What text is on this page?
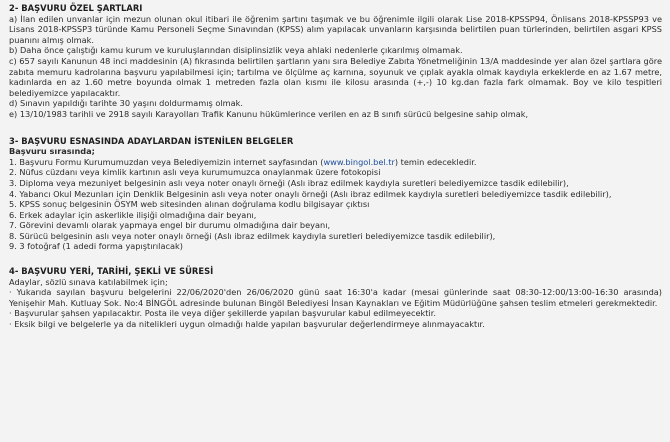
2- BAŞVURU ÖZEL ŞARTLARI

a) İlan edilen unvanlar için mezun olunan okul itibari ile öğrenim şartını taşımak ve bu öğrenimle ilgili olarak Lise 2018-KPSSP94, Önlisans 2018-KPSSP93 ve Lisans 2018-KPSSP3 türünde Kamu Personeli Seçme Sınavından (KPSS) alım yapılacak unvanların karşısında belirtilen puan türlerinden, belirtilen asgari KPSS puanını almış olmak.

b) Daha önce çalıştığı kamu kurum ve kuruluşlarından disiplinsizlik veya ahlaki nedenlerle çıkarılmış olmamak.

c) 657 sayılı Kanunun 48 inci maddesinin (A) fıkrasında belirtilen şartların yanı sıra Belediye Zabıta Yönetmeliğinin 13/A maddesinde yer alan özel şartlara göre zabıta memuru kadrolarına başvuru yapılabilmesi için; tartılma ve ölçülme aç karnına, soyunuk ve çıplak ayakla olmak kaydıyla erkeklerde en az 1.67 metre, kadınlarda en az 1.60 metre boyunda olmak 1 metreden fazla olan kısmı ile kilosu arasında (+,-) 10 kg.dan fazla fark olmamak. Boy ve kilo tespitleri belediyemizce yapılacaktır.

d) Sınavın yapıldığı tarihte 30 yaşını doldurmamış olmak.

e) 13/10/1983 tarihli ve 2918 sayılı Karayolları Trafik Kanunu hükümlerince verilen en az B sınıfı sürücü belgesine sahip olmak,

3- BAŞVURU ESNASINDA ADAYLARDAN İSTENİLEN BELGELER

Başvuru sırasında;

1. Başvuru Formu Kurumumuzdan veya Belediyemizin internet sayfasından (www.bingol.bel.tr) temin edecekledir.

2. Nüfus cüzdanı veya kimlik kartının aslı veya kurumumuzca onaylanmak üzere fotokopisi

3. Diploma veya mezuniyet belgesinin aslı veya noter onaylı örneği (Aslı ibraz edilmek kaydıyla suretleri belediyemizce tasdik edilebilir),

4. Yabancı Okul Mezunları için Denklik Belgesinin aslı veya noter onaylı örneği (Aslı ibraz edilmek kaydıyla suretleri belediyemizce tasdik edilebilir),

5. KPSS sonuç belgesinin ÖSYM web sitesinden alınan doğrulama kodlu bilgisayar çıktısı

6. Erkek adaylar için askerlikle ilişiği olmadığına dair beyanı,

7. Görevini devamlı olarak yapmaya engel bir durumu olmadığına dair beyanı,

8. Sürücü belgesinin aslı veya noter onaylı örneği (Aslı ibraz edilmek kaydıyla suretleri belediyemizce tasdik edilebilir),

9. 3 fotoğraf (1 adedi forma yapıştırılacak)

4- BAŞVURU YERİ, TARİHİ, ŞEKLİ VE SÜRESİ

Adaylar, sözlü sınava katılabilmek için;

· Yukarıda sayılan başvuru belgelerini 22/06/2020'den 26/06/2020 günü saat 16:30'a kadar (mesai günlerinde saat 08:30-12:00/13:00-16:30 arasında) Yenişehir Mah. Kutluay Sok. No:4 BİNGÖL adresinde bulunan Bingöl Belediyesi İnsan Kaynakları ve Eğitim Müdürlüğüne şahsen teslim etmeleri gerekmektedir.

· Başvurular şahsen yapılacaktır. Posta ile veya diğer şekillerde yapılan başvurular kabul edilmeyecektir.

· Eksik bilgi ve belgelerle ya da nitelikleri uygun olmadığı halde yapılan başvurular değerlendirmeye alınmayacaktır.
